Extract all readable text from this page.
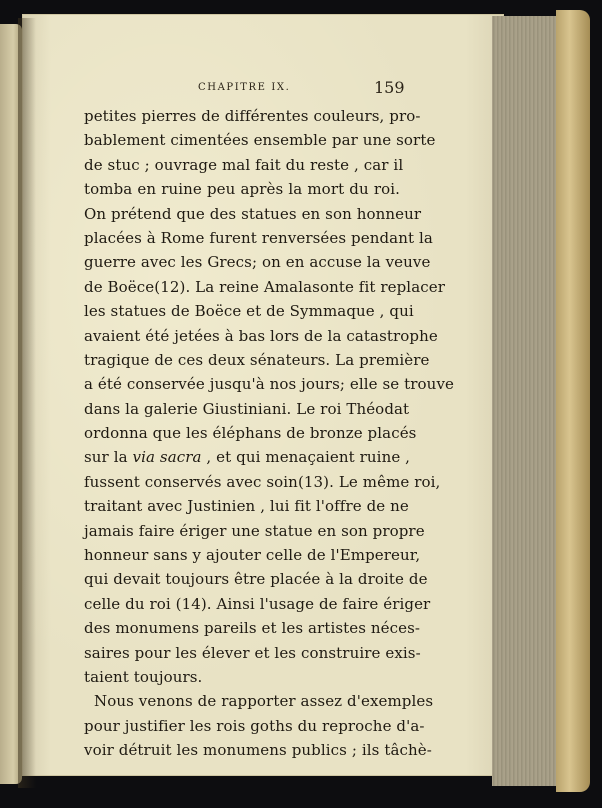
CHAPITRE IX.	159
petites pierres de différentes couleurs, pro-
bablement cimentées ensemble par une sorte
de stuc ; ouvrage mal fait du reste , car il
tomba en ruine peu après la mort du roi.
On prétend que des statues en son honneur
placées à Rome furent renversées pendant la
guerre avec les Grecs; on en accuse la veuve
de Boëce(12). La reine Amalasonte fit replacer
les statues de Boëce et de Symmaque , qui
avaient été jetées à bas lors de la catastrophe
tragique de ces deux sénateurs. La première
a été conservée jusqu'à nos jours; elle se trouve
dans la galerie Giustiniani. Le roi Théodat
ordonna que les éléphans de bronze placés
sur la via sacra , et qui menaçaient ruine ,
fussent conservés avec soin(13). Le même roi,
traitant avec Justinien , lui fit l'offre de ne
jamais faire ériger une statue en son propre
honneur sans y ajouter celle de l'Empereur,
qui devait toujours être placée à la droite de
celle du roi (14). Ainsi l'usage de faire ériger
des monumens pareils et les artistes néces-
saires pour les élever et les construire exis-
taient toujours.
Nous venons de rapporter assez d'exemples
pour justifier les rois goths du reproche d'a-
voir détruit les monumens publics ; ils tâchè-
